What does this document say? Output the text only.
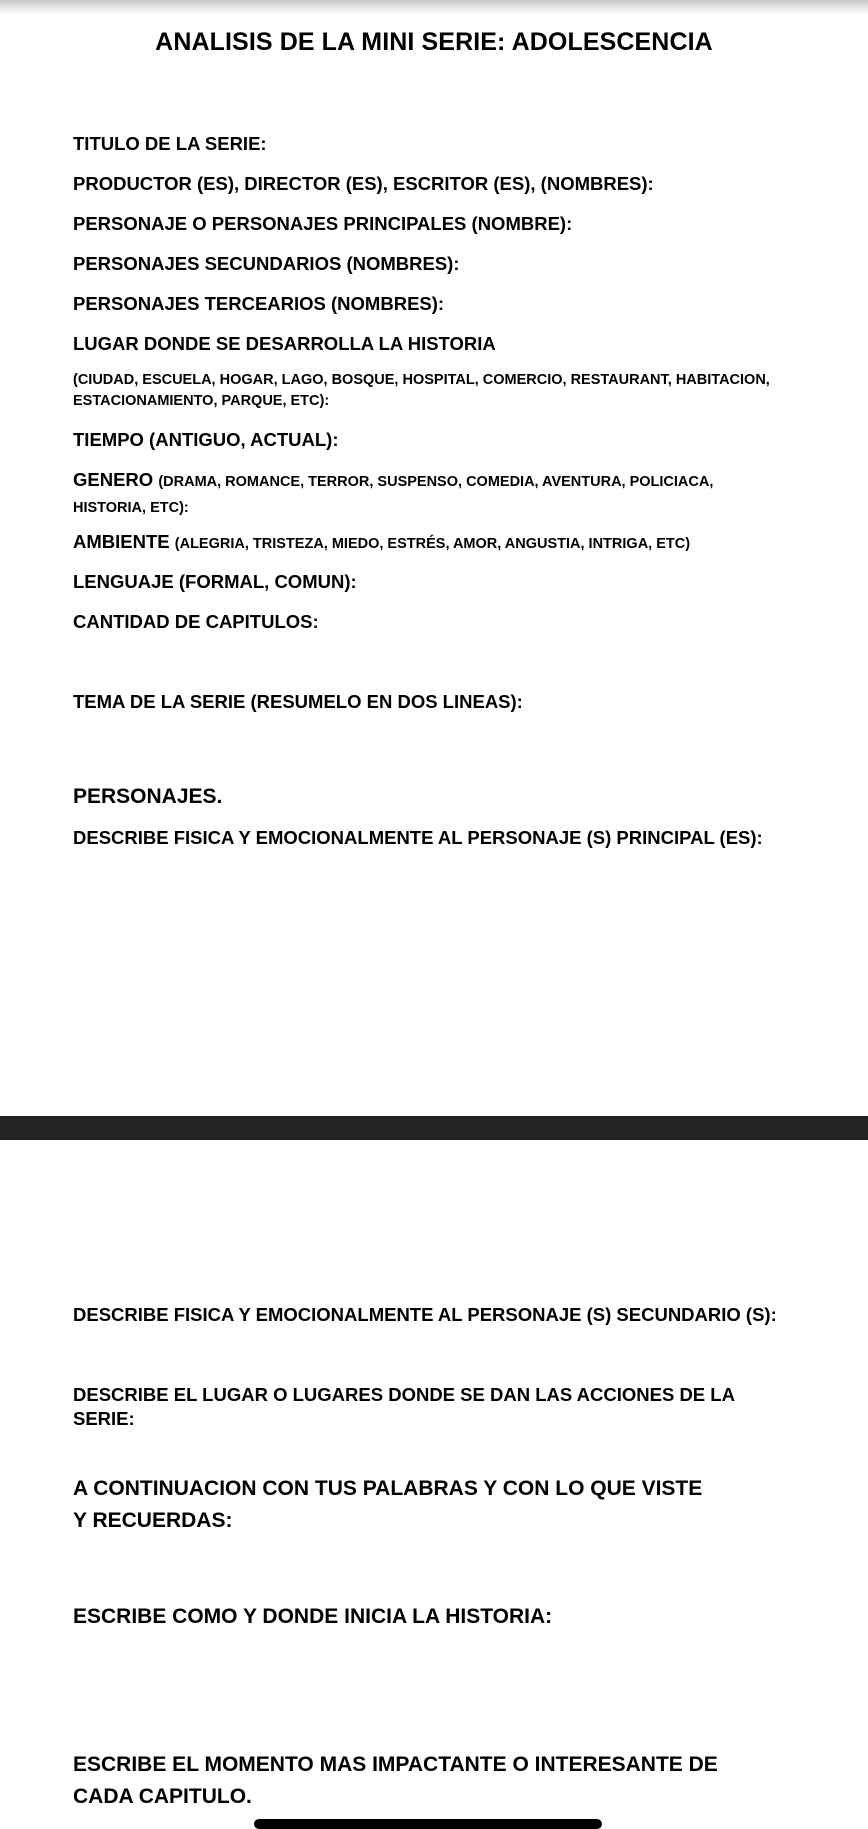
ANALISIS DE LA MINI SERIE: ADOLESCENCIA

TITULO DE LA SERIE:

PRODUCTOR (ES), DIRECTOR (ES), ESCRITOR (ES), (NOMBRES):

PERSONAJE O PERSONAJES PRINCIPALES (NOMBRE):

PERSONAJES SECUNDARIOS (NOMBRES):

PERSONAJES TERCEARIOS (NOMBRES):

LUGAR DONDE SE DESARROLLA LA HISTORIA

(CIUDAD, ESCUELA, HOGAR, LAGO, BOSQUE, HOSPITAL, COMERCIO, RESTAURANT, HABITACION, ESTACIONAMIENTO, PARQUE, ETC):

TIEMPO (ANTIGUO, ACTUAL):

GENERO (DRAMA, ROMANCE, TERROR, SUSPENSO, COMEDIA, AVENTURA, POLICIACA, HISTORIA, ETC):

AMBIENTE (ALEGRIA, TRISTEZA, MIEDO, ESTRÉS, AMOR, ANGUSTIA, INTRIGA, ETC)

LENGUAJE (FORMAL, COMUN):

CANTIDAD DE CAPITULOS:

TEMA DE LA SERIE (RESUMELO EN DOS LINEAS):

PERSONAJES.

DESCRIBE FISICA Y EMOCIONALMENTE AL PERSONAJE (S) PRINCIPAL (ES):

DESCRIBE FISICA Y EMOCIONALMENTE AL PERSONAJE (S) SECUNDARIO (S):

DESCRIBE EL LUGAR O LUGARES DONDE SE DAN LAS ACCIONES DE LA SERIE:

A CONTINUACION CON TUS PALABRAS Y CON LO QUE VISTE Y RECUERDAS:

ESCRIBE COMO Y DONDE INICIA LA HISTORIA:

ESCRIBE EL MOMENTO MAS IMPACTANTE O INTERESANTE DE CADA CAPITULO.
